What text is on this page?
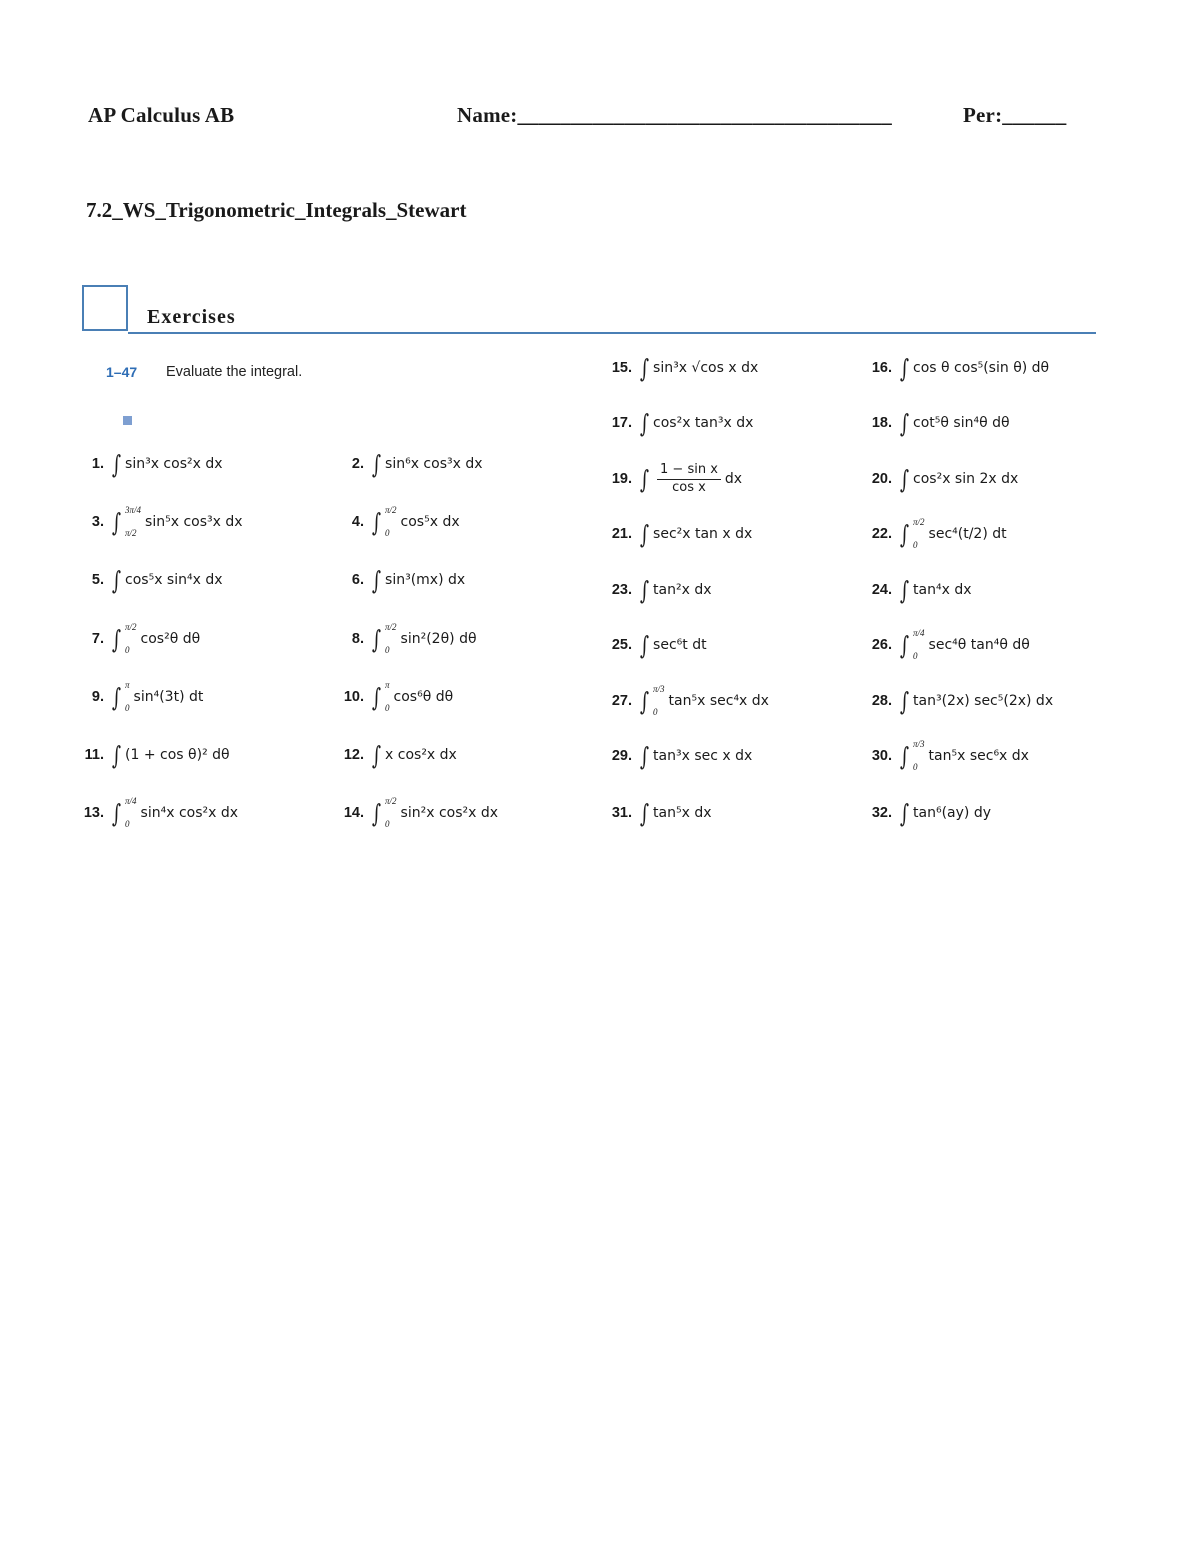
AP Calculus AB	Name:___________________________________	Per:______
7.2_WS_Trigonometric_Integrals_Stewart
Exercises
1–47 Evaluate the integral.
1. ∫ sin³x cos²x dx	2. ∫ sin⁶x cos³x dx
3. ∫ 3π/4
π/2
sin⁵x cos³x dx	4. ∫ π/2
0
cos⁵x dx
5. ∫ cos⁵x sin⁴x dx	6. ∫ sin³(mx) dx
7. ∫ π/2
0
cos²θ dθ	8. ∫ π/2
0
sin²(2θ) dθ
9. ∫ π
0
sin⁴(3t) dt	10. ∫ π
0
cos⁶θ dθ
11. ∫ (1 + cos θ)² dθ	12. ∫ x cos²x dx
13. ∫ π/4
0
sin⁴x cos²x dx	14. ∫ π/2
0
sin²x cos²x dx
15. ∫ sin³x √cos x dx	16. ∫ cos θ cos⁵(sin θ) dθ
17. ∫ cos²x tan³x dx	18. ∫ cot⁵θ sin⁴θ dθ
19. ∫ $\frac{\text{1 − sin x}}{\text{cos x}}$ dx	20. ∫ cos²x sin 2x dx
21. ∫ sec²x tan x dx	22. ∫ π/2
0
sec⁴(t/2) dt
23. ∫ tan²x dx	24. ∫ tan⁴x dx
25. ∫ sec⁶t dt	26. ∫ π/4
0
sec⁴θ tan⁴θ dθ
27. ∫ π/3
0
tan⁵x sec⁴x dx	28. ∫ tan³(2x) sec⁵(2x) dx
29. ∫ tan³x sec x dx	30. ∫ π/3
0
tan⁵x sec⁶x dx
31. ∫ tan⁵x dx	32. ∫ tan⁶(ay) dy
